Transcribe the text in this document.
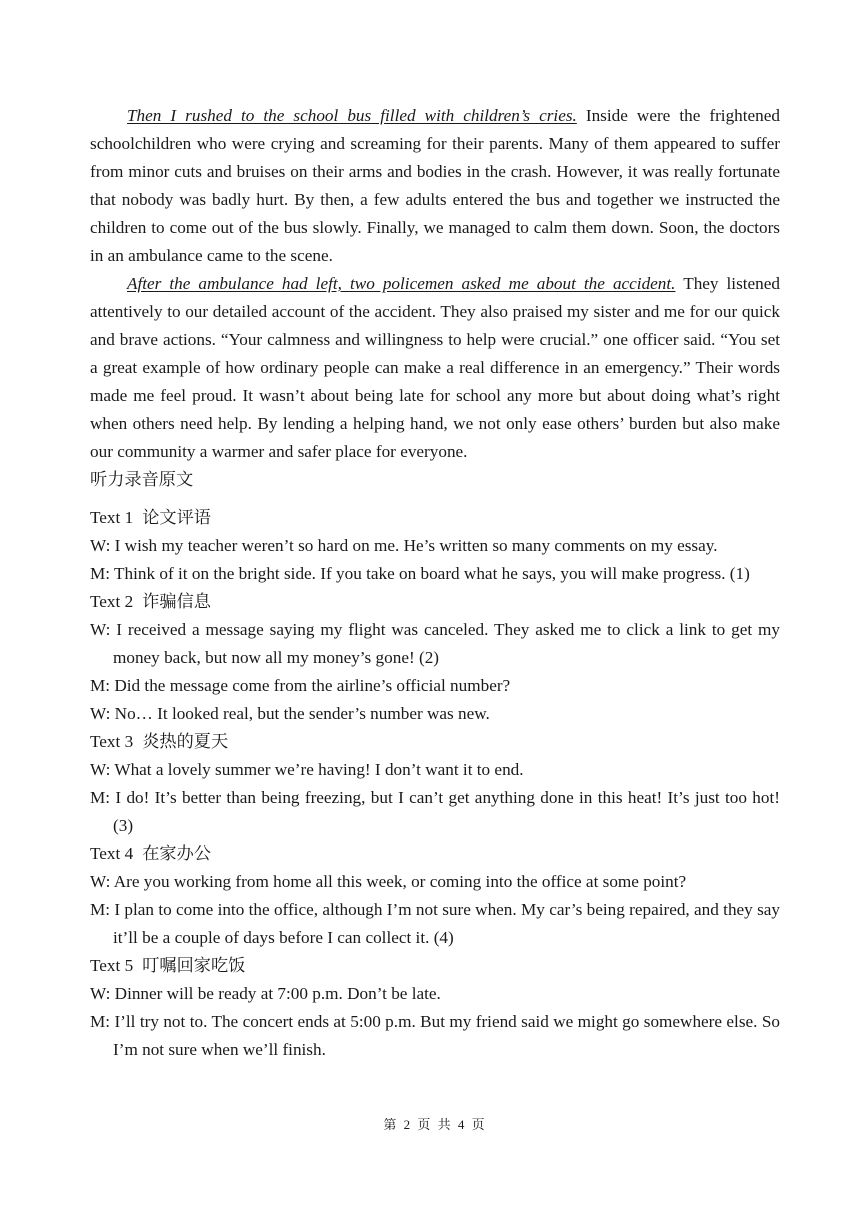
Then I rushed to the school bus filled with children’s cries. Inside were the frightened schoolchildren who were crying and screaming for their parents. Many of them appeared to suffer from minor cuts and bruises on their arms and bodies in the crash. However, it was really fortunate that nobody was badly hurt. By then, a few adults entered the bus and together we instructed the children to come out of the bus slowly. Finally, we managed to calm them down. Soon, the doctors in an ambulance came to the scene.

After the ambulance had left, two policemen asked me about the accident. They listened attentively to our detailed account of the accident. They also praised my sister and me for our quick and brave actions. “Your calmness and willingness to help were crucial.” one officer said. “You set a great example of how ordinary people can make a real difference in an emergency.” Their words made me feel proud. It wasn’t about being late for school any more but about doing what’s right when others need help. By lending a helping hand, we not only ease others’ burden but also make our community a warmer and safer place for everyone.

听力录音原文

Text 1 论文评语

W: I wish my teacher weren’t so hard on me. He’s written so many comments on my essay.

M: Think of it on the bright side. If you take on board what he says, you will make progress. (1)

Text 2 诈骗信息

W: I received a message saying my flight was canceled. They asked me to click a link to get my money back, but now all my money’s gone! (2)

M: Did the message come from the airline’s official number?

W: No… It looked real, but the sender’s number was new.

Text 3 炎热的夏天

W: What a lovely summer we’re having! I don’t want it to end.

M: I do! It’s better than being freezing, but I can’t get anything done in this heat! It’s just too hot! (3)

Text 4 在家办公

W: Are you working from home all this week, or coming into the office at some point?

M: I plan to come into the office, although I’m not sure when. My car’s being repaired, and they say it’ll be a couple of days before I can collect it. (4)

Text 5 叮嘱回家吃饭

W: Dinner will be ready at 7:00 p.m. Don’t be late.

M: I’ll try not to. The concert ends at 5:00 p.m. But my friend said we might go somewhere else. So I’m not sure when we’ll finish.

第 2 页 共 4 页
